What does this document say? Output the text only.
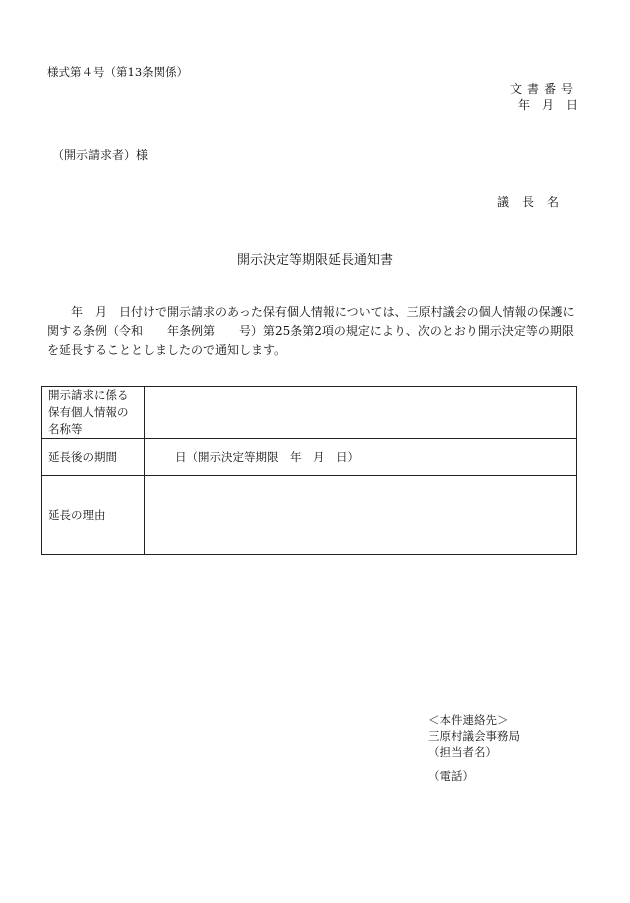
様式第４号（第13条関係）
文書番号
年　月　日
（開示請求者）様
議長名
開示決定等期限延長通知書

年　月　日付けで開示請求のあった保有個人情報については、三原村議会の個人情報の保護に関する条例（令和　　年条例第　　号）第25条第2項の規定により、次のとおり開示決定等の期限を延長することとしましたので通知します。

開示請求に係る保有個人情報の名称等	
延長後の期間	日（開示決定等期限　年　月　日）
延長の理由	
＜本件連絡先＞
三原村議会事務局
（担当者名）
（電話）
